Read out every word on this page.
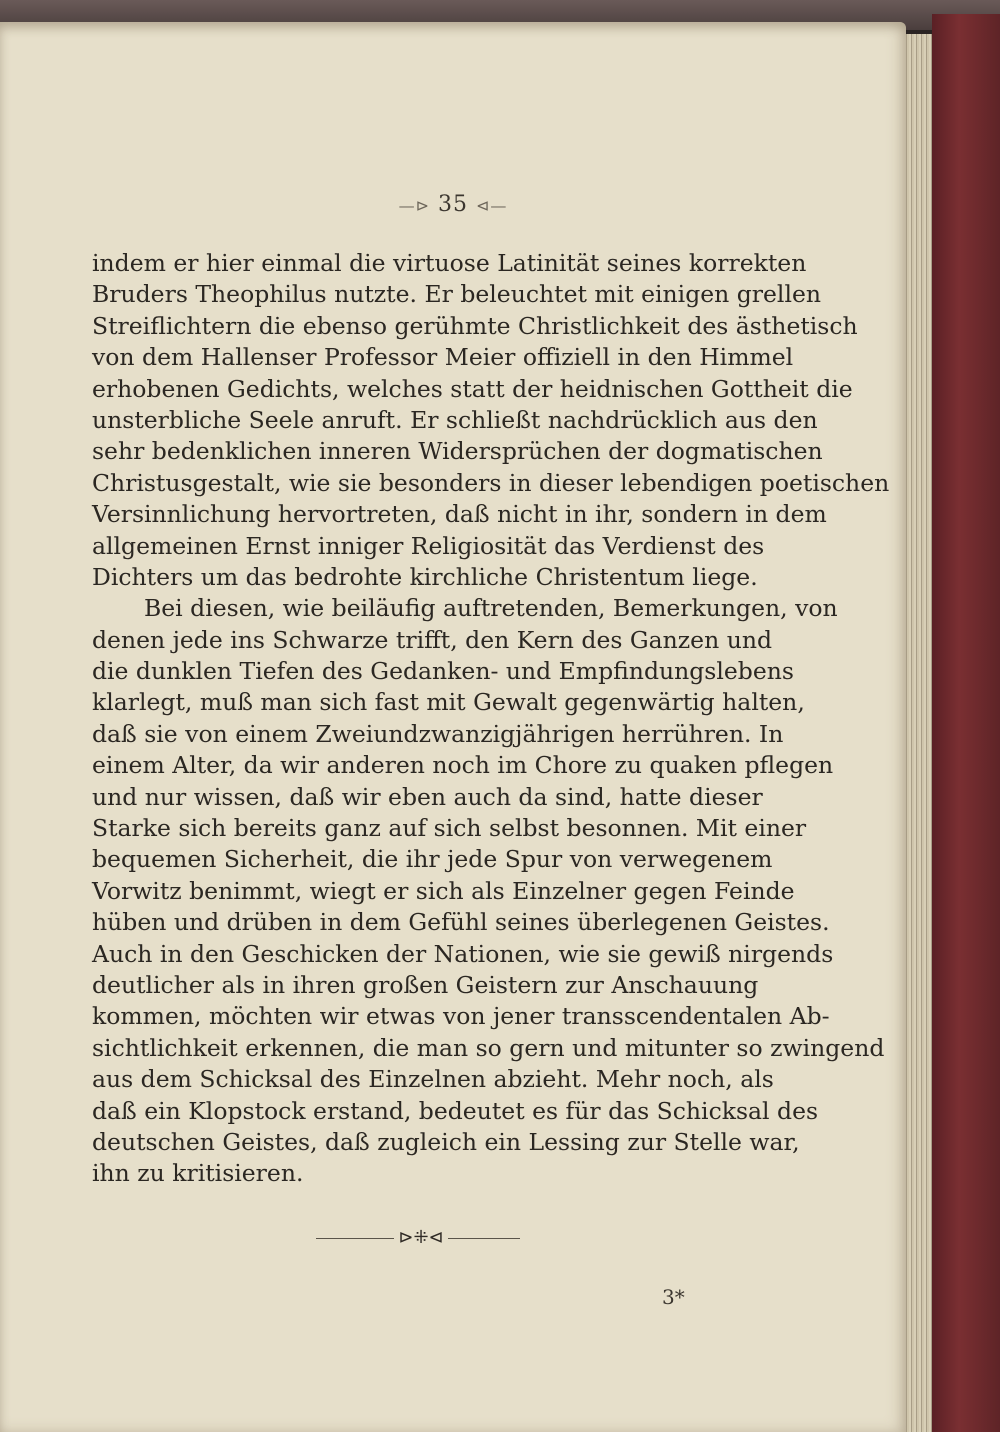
—⊳ 35 ⊲—
indem er hier einmal die virtuose Latinität seines korrekten
Bruders Theophilus nutzte. Er beleuchtet mit einigen grellen
Streiflichtern die ebenso gerühmte Christlichkeit des ästhetisch
von dem Hallenser Professor Meier offiziell in den Himmel
erhobenen Gedichts, welches statt der heidnischen Gottheit die
unsterbliche Seele anruft. Er schließt nachdrücklich aus den
sehr bedenklichen inneren Widersprüchen der dogmatischen
Christusgestalt, wie sie besonders in dieser lebendigen poetischen
Versinnlichung hervortreten, daß nicht in ihr, sondern in dem
allgemeinen Ernst inniger Religiosität das Verdienst des
Dichters um das bedrohte kirchliche Christentum liege.
Bei diesen, wie beiläufig auftretenden, Bemerkungen, von
denen jede ins Schwarze trifft, den Kern des Ganzen und
die dunklen Tiefen des Gedanken- und Empfindungslebens
klarlegt, muß man sich fast mit Gewalt gegenwärtig halten,
daß sie von einem Zweiundzwanzigjährigen herrühren. In
einem Alter, da wir anderen noch im Chore zu quaken pflegen
und nur wissen, daß wir eben auch da sind, hatte dieser
Starke sich bereits ganz auf sich selbst besonnen. Mit einer
bequemen Sicherheit, die ihr jede Spur von verwegenem
Vorwitz benimmt, wiegt er sich als Einzelner gegen Feinde
hüben und drüben in dem Gefühl seines überlegenen Geistes.
Auch in den Geschicken der Nationen, wie sie gewiß nirgends
deutlicher als in ihren großen Geistern zur Anschauung
kommen, möchten wir etwas von jener transscendentalen Ab-
sichtlichkeit erkennen, die man so gern und mitunter so zwingend
aus dem Schicksal des Einzelnen abzieht. Mehr noch, als
daß ein Klopstock erstand, bedeutet es für das Schicksal des
deutschen Geistes, daß zugleich ein Lessing zur Stelle war,
ihn zu kritisieren.
⊳⁜⊲
3*
